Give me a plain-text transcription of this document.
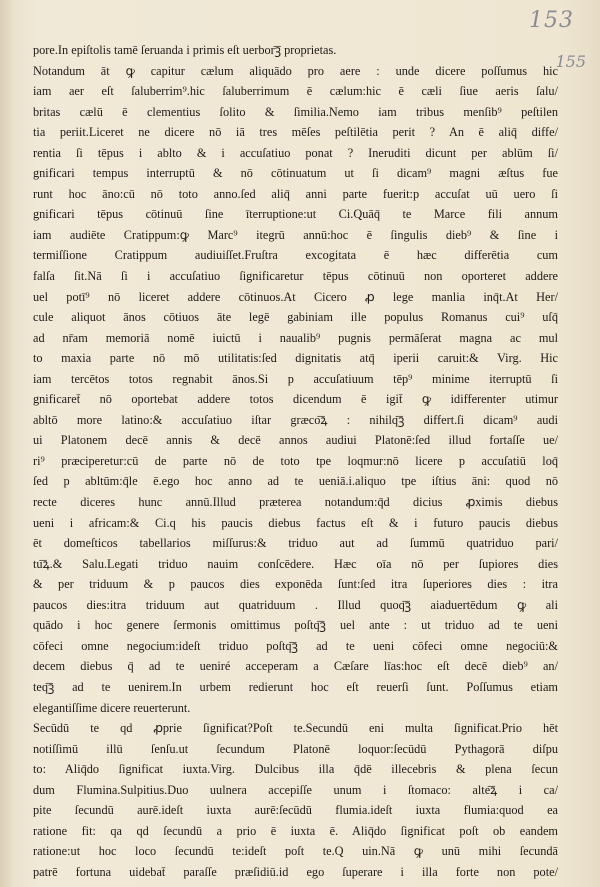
153
155
pore.In epiſtolis tamē ſeruanda i primis eſt uerbor͞ꝫ proprietas.
Notandum āt ꝙ capitur cælum aliquādo pro aere : unde dicere poſſumus hic
iam aer eſt ſaluberrim⁹.hic ſaluberrimum ē cælum:hic ē cæli ſiue aeris ſalu/
britas cælū ē clementius ſolito & ſimilia.Nemo iam tribus menſib⁹ peſtilen
tia periit.Liceret ne dicere nō iā tres mēſes peſtilētia perit ? An ē aliq̄ diffe/
rentia ſi tēpus i ablto & i accuſatiuo ponat ? Ineruditi dicunt per ablūm ſi/
gnificari tempus interruptū & nō cōtinuatum ut ſi dicam⁹ magni æſtus fue
runt hoc āno:cū nō toto anno.ſed aliq̄ anni parte fuerit:p accuſat uū uero ſi
gnificari tēpus cōtinuū ſine īterruptione:ut Ci.Quāq̄ te Marce fili annum
iam audiēte Cratippum:ꝙ Marc⁹ itegrū annū:hoc ē ſingulis dieb⁹ & ſine i
termiſſione Cratippum audiuiſſet.Fruſtra excogitata ē hæc differētia cum
falſa ſit.Nā ſi i accuſatiuo ſignificaretur tēpus cōtinuū non oporteret addere
uel potī⁹ nō liceret addere cōtinuos.At Cicero ꝓ lege manlia inq̄t.At Her/
cule aliquot ānos cōtiuos āte legē gabiniam ille populus Romanus cui⁹ uſq̄
ad nr̄am memoriā nomē iuictū i naualib⁹ pugnis permāſerat magna ac mul
to maxia parte nō mō utilitatis:ſed dignitatis atq̄ iperii caruit:& Virg. Hic
iam tercētos totos regnabit ānos.Si p accuſatiuum tēp⁹ minime iterruptū ſi
gnificaret̄ nō oportebat addere totos dicendum ē igit̄ ꝙ idifferenter utimur
abltō more latino:& accuſatiuo iſtar græco͞ꝝ : nihilq͞ꝫ differt.ſi dicam⁹ audi
ui Platonem decē annis & decē annos audiui Platonē:ſed illud fortaſſe ue/
ri⁹ præciperetur:cū de parte nō de toto tpe loqmur:nō licere p accuſatiū loq̄
ſed p abltūm:q̄le ē.ego hoc anno ad te ueniā.i.aliquo tpe iſtius āni: quod nō
recte diceres hunc annū.Illud præterea notandum:q̄d dicius ꝓximis diebus
ueni i africam:& Ci.q his paucis diebus factus eſt & i futuro paucis diebus
ēt domeſticos tabellarios miſſurus:& triduo aut ad ſummū quatriduo pari/
tu͞ꝝ.& Salu.Legati triduo nauim conſcēdere. Hæc oīa nō per ſupiores dies
& per triduum & p paucos dies exponēda ſunt:ſed itra ſuperiores dies : itra
paucos dies:itra triduum aut quatriduum . Illud quoq͞ꝫ aiaduertēdum ꝙ ali
quādo i hoc genere ſermonis omittimus poſtq͞ꝫ uel ante : ut triduo ad te ueni
cōfeci omne negocium:ideſt triduo poſtq͞ꝫ ad te ueni cōfeci omne negociū:&
decem diebus q̄ ad te ueniré acceperam a Cæſare līas:hoc eſt decē dieb⁹ an/
teq͞ꝫ ad te uenirem.In urbem redierunt hoc eſt reuerſi ſunt. Poſſumus etiam
elegantiſſime dicere reuerterunt.
Secūdū te qd ꝓprie ſignificat?Poſt te.Secundū eni multa ſignificat.Prio hēt
notiſſimū illū ſenſu.ut ſecundum Platonē loquor:ſecūdū Pythagorā diſpu
to: Aliq̄do ſignificat iuxta.Virg. Dulcibus illa q̄dē illecebris & plena ſecun
dum Flumina.Sulpitius.Duo uulnera accepiſſe unum i ſtomaco: alte͞ꝝ i ca/
pite ſecundū aurē.ideſt iuxta aurē:ſecūdū flumia.ideſt iuxta flumia:quod ea
ratione fit: qa qd ſecundū a prio ē iuxta ē. Aliq̄do ſignificat poſt ob eandem
ratione:ut hoc loco ſecundū te:ideſt poſt te.Q uin.Nā ꝙ unū mihi ſecundā
patrē fortuna uidebat̄ paraſſe præſidiū.id ego ſuperare i illa forte non pote/
